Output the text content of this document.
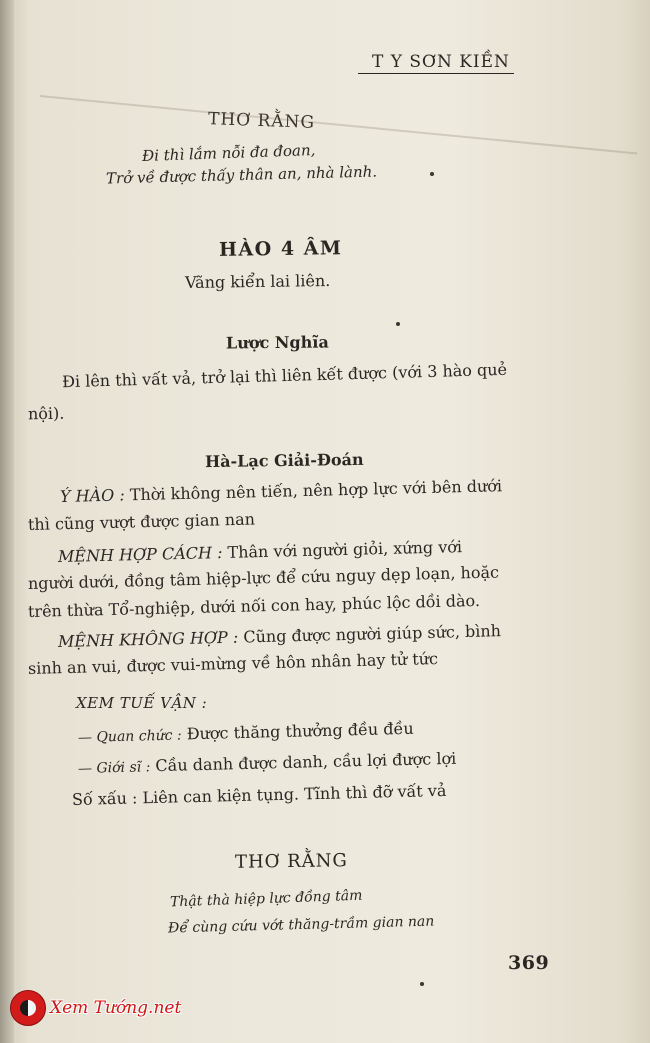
T Y SƠN KIỀN
THƠ RẰNG
Đi thì lắm nỗi đa đoan,
Trở về được thấy thân an, nhà lành.
HÀO 4 ÂM
Vãng kiển lai liên.
Lược Nghĩa
Đi lên thì vất vả, trở lại thì liên kết được (với 3 hào quẻ
nội).
Hà-Lạc Giải-Đoán
Ý HÀO : Thời không nên tiến, nên hợp lực với bên dưới
thì cũng vượt được gian nan
MỆNH HỢP CÁCH : Thân với người giỏi, xứng với
người dưới, đồng tâm hiệp-lực để cứu nguy dẹp loạn, hoặc
trên thừa Tổ-nghiệp, dưới nối con hay, phúc lộc dồi dào.
MỆNH KHÔNG HỢP : Cũng được người giúp sức, bình
sinh an vui, được vui-mừng về hôn nhân hay tử tức
XEM TUẾ VẬN :
— Quan chức : Được thăng thưởng đều đều
— Giới sĩ : Cầu danh được danh, cầu lợi được lợi
Số xấu : Liên can kiện tụng. Tĩnh thì đỡ vất vả
THƠ RẰNG
Thật thà hiệp lực đồng tâm
Để cùng cứu vớt thăng-trầm gian nan
369
Xem Tướng.net
